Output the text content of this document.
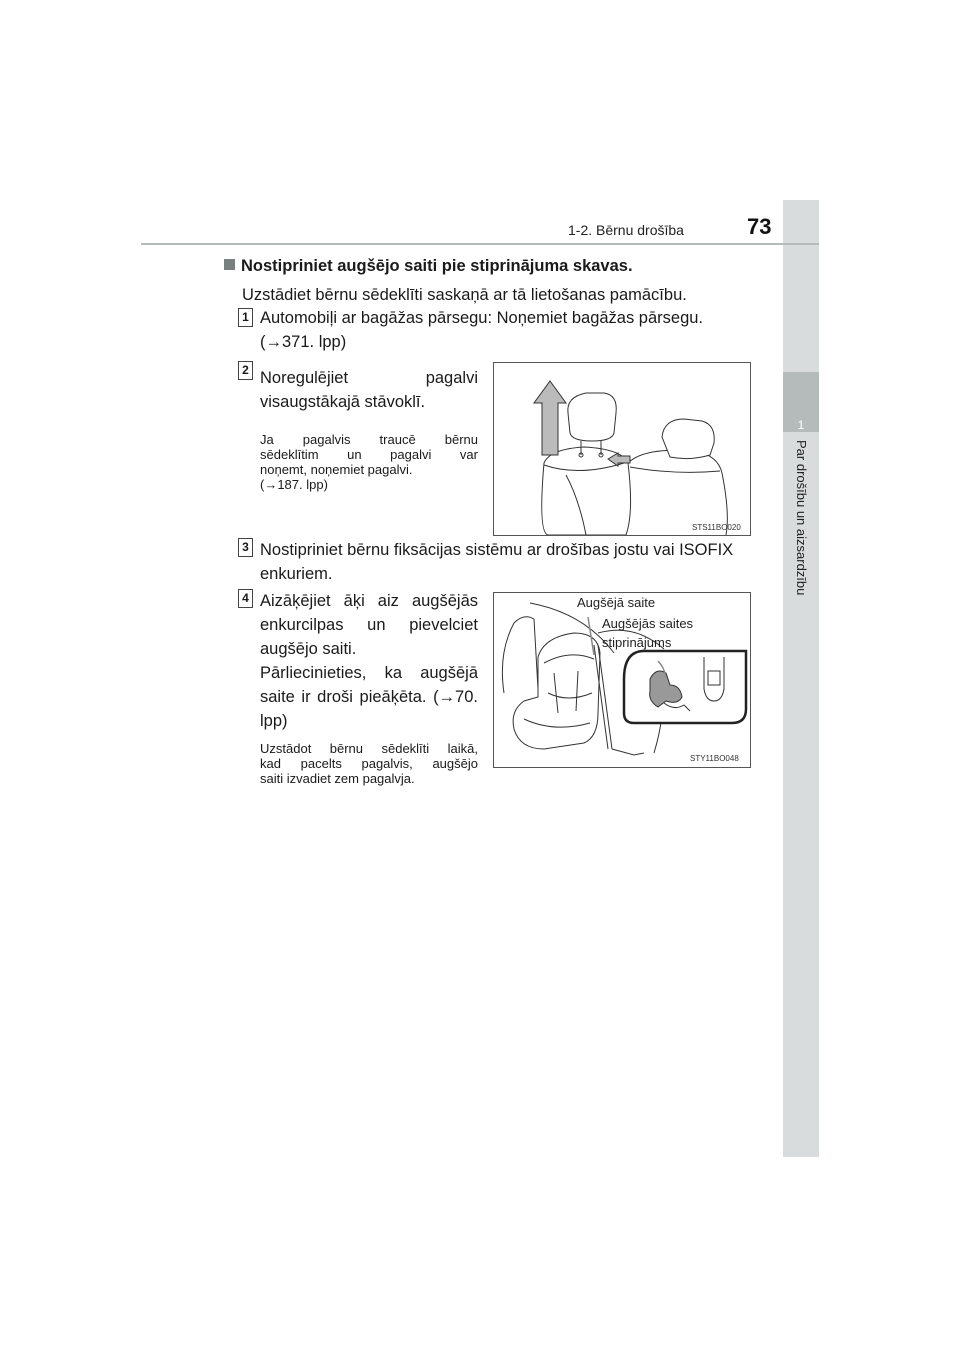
1
Par drošību un aizsardzību
1-2. Bērnu drošība	73
Nostipriniet augšējo saiti pie stiprinājuma skavas.
Uzstādiet bērnu sēdeklīti saskaņā ar tā lietošanas pamācību.
1 Automobiļi ar bagāžas pārsegu: Noņemiet bagāžas pārsegu.
(→371. lpp)
2 Noregulējiet pagalvi
visaugstākajā stāvoklī.
Ja pagalvis traucē bērnu
sēdeklītim un pagalvi var
noņemt, noņemiet pagalvi.
(→187. lpp)
STS11BO020
3 Nostipriniet bērnu fiksācijas sistēmu ar drošības jostu vai ISOFIX
enkuriem.
4 Aizāķējiet āķi aiz augšējās
enkurcilpas un pievelciet
augšējo saiti.
Pārliecinieties, ka augšējā
saite ir droši pieāķēta. (→70.
lpp)
Uzstādot bērnu sēdeklīti laikā,
kad pacelts pagalvis, augšējo
saiti izvadiet zem pagalvja.
Augšējā saite
Augšējās saites
stiprinājums
STY11BO048
